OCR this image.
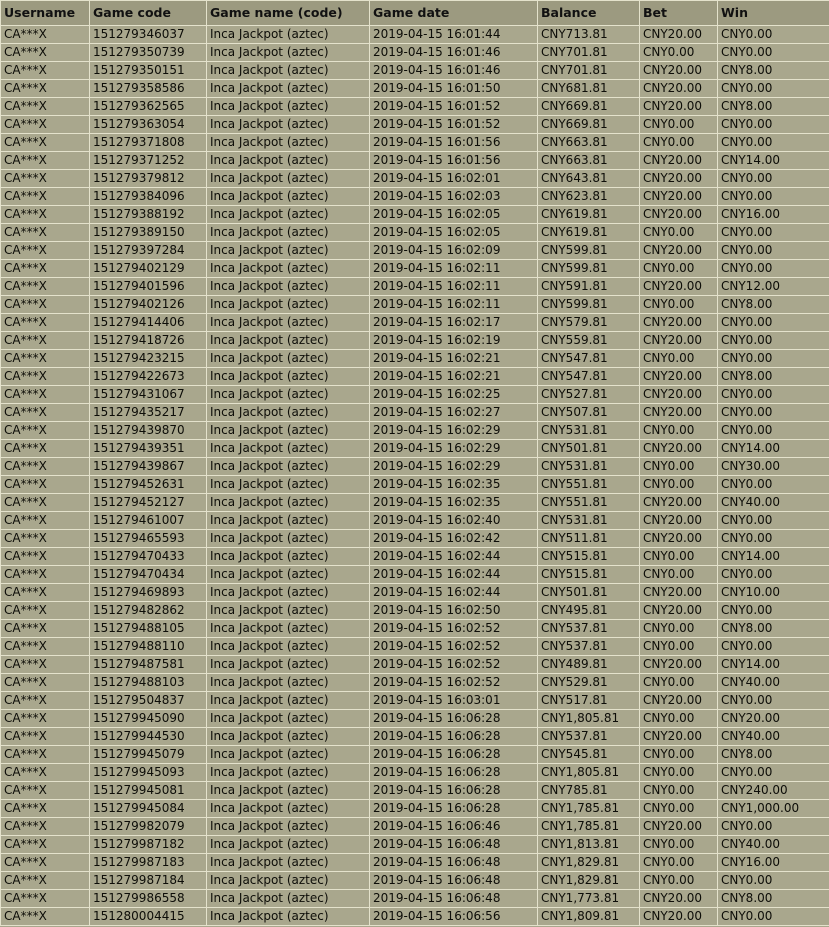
Username	Game code	Game name (code)	Game date	Balance	Bet	Win
CA***X	151279346037	Inca Jackpot (aztec)	2019-04-15 16:01:44	CNY713.81	CNY20.00	CNY0.00
CA***X	151279350739	Inca Jackpot (aztec)	2019-04-15 16:01:46	CNY701.81	CNY0.00	CNY0.00
CA***X	151279350151	Inca Jackpot (aztec)	2019-04-15 16:01:46	CNY701.81	CNY20.00	CNY8.00
CA***X	151279358586	Inca Jackpot (aztec)	2019-04-15 16:01:50	CNY681.81	CNY20.00	CNY0.00
CA***X	151279362565	Inca Jackpot (aztec)	2019-04-15 16:01:52	CNY669.81	CNY20.00	CNY8.00
CA***X	151279363054	Inca Jackpot (aztec)	2019-04-15 16:01:52	CNY669.81	CNY0.00	CNY0.00
CA***X	151279371808	Inca Jackpot (aztec)	2019-04-15 16:01:56	CNY663.81	CNY0.00	CNY0.00
CA***X	151279371252	Inca Jackpot (aztec)	2019-04-15 16:01:56	CNY663.81	CNY20.00	CNY14.00
CA***X	151279379812	Inca Jackpot (aztec)	2019-04-15 16:02:01	CNY643.81	CNY20.00	CNY0.00
CA***X	151279384096	Inca Jackpot (aztec)	2019-04-15 16:02:03	CNY623.81	CNY20.00	CNY0.00
CA***X	151279388192	Inca Jackpot (aztec)	2019-04-15 16:02:05	CNY619.81	CNY20.00	CNY16.00
CA***X	151279389150	Inca Jackpot (aztec)	2019-04-15 16:02:05	CNY619.81	CNY0.00	CNY0.00
CA***X	151279397284	Inca Jackpot (aztec)	2019-04-15 16:02:09	CNY599.81	CNY20.00	CNY0.00
CA***X	151279402129	Inca Jackpot (aztec)	2019-04-15 16:02:11	CNY599.81	CNY0.00	CNY0.00
CA***X	151279401596	Inca Jackpot (aztec)	2019-04-15 16:02:11	CNY591.81	CNY20.00	CNY12.00
CA***X	151279402126	Inca Jackpot (aztec)	2019-04-15 16:02:11	CNY599.81	CNY0.00	CNY8.00
CA***X	151279414406	Inca Jackpot (aztec)	2019-04-15 16:02:17	CNY579.81	CNY20.00	CNY0.00
CA***X	151279418726	Inca Jackpot (aztec)	2019-04-15 16:02:19	CNY559.81	CNY20.00	CNY0.00
CA***X	151279423215	Inca Jackpot (aztec)	2019-04-15 16:02:21	CNY547.81	CNY0.00	CNY0.00
CA***X	151279422673	Inca Jackpot (aztec)	2019-04-15 16:02:21	CNY547.81	CNY20.00	CNY8.00
CA***X	151279431067	Inca Jackpot (aztec)	2019-04-15 16:02:25	CNY527.81	CNY20.00	CNY0.00
CA***X	151279435217	Inca Jackpot (aztec)	2019-04-15 16:02:27	CNY507.81	CNY20.00	CNY0.00
CA***X	151279439870	Inca Jackpot (aztec)	2019-04-15 16:02:29	CNY531.81	CNY0.00	CNY0.00
CA***X	151279439351	Inca Jackpot (aztec)	2019-04-15 16:02:29	CNY501.81	CNY20.00	CNY14.00
CA***X	151279439867	Inca Jackpot (aztec)	2019-04-15 16:02:29	CNY531.81	CNY0.00	CNY30.00
CA***X	151279452631	Inca Jackpot (aztec)	2019-04-15 16:02:35	CNY551.81	CNY0.00	CNY0.00
CA***X	151279452127	Inca Jackpot (aztec)	2019-04-15 16:02:35	CNY551.81	CNY20.00	CNY40.00
CA***X	151279461007	Inca Jackpot (aztec)	2019-04-15 16:02:40	CNY531.81	CNY20.00	CNY0.00
CA***X	151279465593	Inca Jackpot (aztec)	2019-04-15 16:02:42	CNY511.81	CNY20.00	CNY0.00
CA***X	151279470433	Inca Jackpot (aztec)	2019-04-15 16:02:44	CNY515.81	CNY0.00	CNY14.00
CA***X	151279470434	Inca Jackpot (aztec)	2019-04-15 16:02:44	CNY515.81	CNY0.00	CNY0.00
CA***X	151279469893	Inca Jackpot (aztec)	2019-04-15 16:02:44	CNY501.81	CNY20.00	CNY10.00
CA***X	151279482862	Inca Jackpot (aztec)	2019-04-15 16:02:50	CNY495.81	CNY20.00	CNY0.00
CA***X	151279488105	Inca Jackpot (aztec)	2019-04-15 16:02:52	CNY537.81	CNY0.00	CNY8.00
CA***X	151279488110	Inca Jackpot (aztec)	2019-04-15 16:02:52	CNY537.81	CNY0.00	CNY0.00
CA***X	151279487581	Inca Jackpot (aztec)	2019-04-15 16:02:52	CNY489.81	CNY20.00	CNY14.00
CA***X	151279488103	Inca Jackpot (aztec)	2019-04-15 16:02:52	CNY529.81	CNY0.00	CNY40.00
CA***X	151279504837	Inca Jackpot (aztec)	2019-04-15 16:03:01	CNY517.81	CNY20.00	CNY0.00
CA***X	151279945090	Inca Jackpot (aztec)	2019-04-15 16:06:28	CNY1,805.81	CNY0.00	CNY20.00
CA***X	151279944530	Inca Jackpot (aztec)	2019-04-15 16:06:28	CNY537.81	CNY20.00	CNY40.00
CA***X	151279945079	Inca Jackpot (aztec)	2019-04-15 16:06:28	CNY545.81	CNY0.00	CNY8.00
CA***X	151279945093	Inca Jackpot (aztec)	2019-04-15 16:06:28	CNY1,805.81	CNY0.00	CNY0.00
CA***X	151279945081	Inca Jackpot (aztec)	2019-04-15 16:06:28	CNY785.81	CNY0.00	CNY240.00
CA***X	151279945084	Inca Jackpot (aztec)	2019-04-15 16:06:28	CNY1,785.81	CNY0.00	CNY1,000.00
CA***X	151279982079	Inca Jackpot (aztec)	2019-04-15 16:06:46	CNY1,785.81	CNY20.00	CNY0.00
CA***X	151279987182	Inca Jackpot (aztec)	2019-04-15 16:06:48	CNY1,813.81	CNY0.00	CNY40.00
CA***X	151279987183	Inca Jackpot (aztec)	2019-04-15 16:06:48	CNY1,829.81	CNY0.00	CNY16.00
CA***X	151279987184	Inca Jackpot (aztec)	2019-04-15 16:06:48	CNY1,829.81	CNY0.00	CNY0.00
CA***X	151279986558	Inca Jackpot (aztec)	2019-04-15 16:06:48	CNY1,773.81	CNY20.00	CNY8.00
CA***X	151280004415	Inca Jackpot (aztec)	2019-04-15 16:06:56	CNY1,809.81	CNY20.00	CNY0.00
